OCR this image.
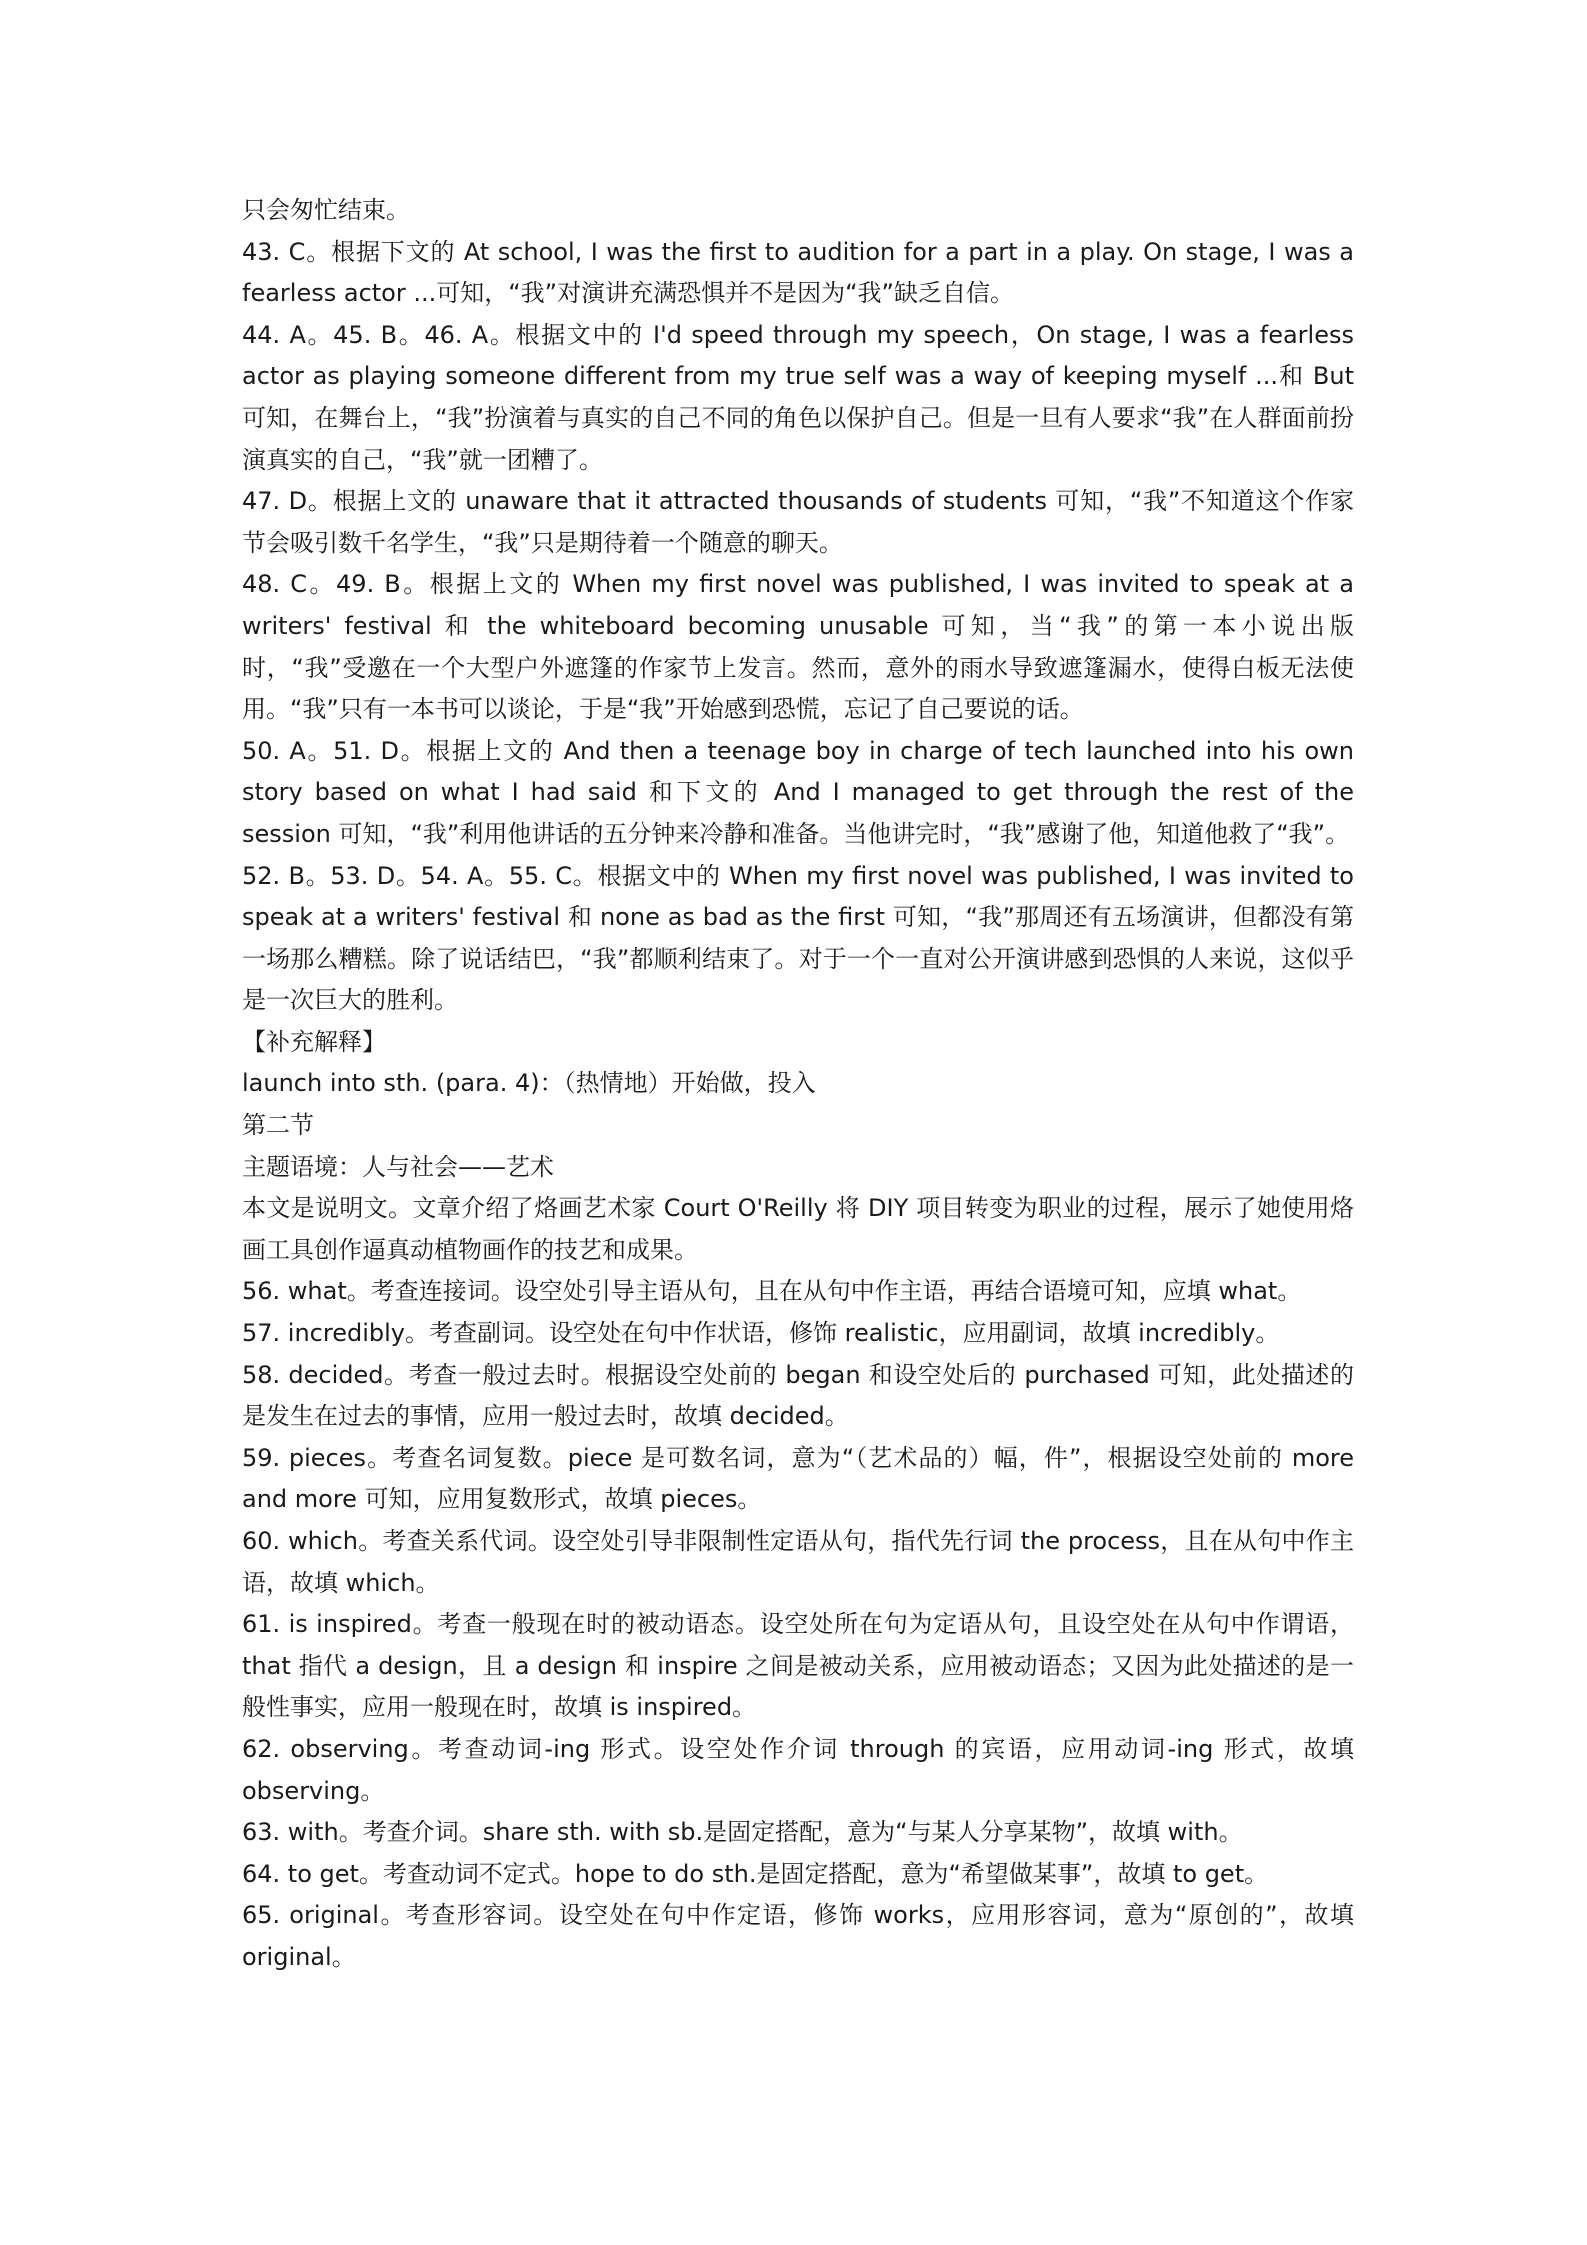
只会匆忙结束。

43. C。根据下文的 At school, I was the first to audition for a part in a play. On stage, I was a fearless actor ...可知，“我”对演讲充满恐惧并不是因为“我”缺乏自信。

44. A。45. B。46. A。根据文中的 I'd speed through my speech，On stage, I was a fearless actor as playing someone different from my true self was a way of keeping myself ...和 But 可知，在舞台上，“我”扮演着与真实的自己不同的角色以保护自己。但是一旦有人要求“我”在人群面前扮演真实的自己，“我”就一团糟了。

47. D。根据上文的 unaware that it attracted thousands of students 可知，“我”不知道这个作家节会吸引数千名学生，“我”只是期待着一个随意的聊天。

48. C。49. B。根据上文的 When my first novel was published, I was invited to speak at a writers' festival 和 the whiteboard becoming unusable 可知，当“我”的第一本小说出版时，“我”受邀在一个大型户外遮篷的作家节上发言。然而，意外的雨水导致遮篷漏水，使得白板无法使用。“我”只有一本书可以谈论，于是“我”开始感到恐慌，忘记了自己要说的话。

50. A。51. D。根据上文的 And then a teenage boy in charge of tech launched into his own story based on what I had said 和下文的 And I managed to get through the rest of the session 可知，“我”利用他讲话的五分钟来冷静和准备。当他讲完时，“我”感谢了他，知道他救了“我”。

52. B。53. D。54. A。55. C。根据文中的 When my first novel was published, I was invited to speak at a writers' festival 和 none as bad as the first 可知，“我”那周还有五场演讲，但都没有第一场那么糟糕。除了说话结巴，“我”都顺利结束了。对于一个一直对公开演讲感到恐惧的人来说，这似乎是一次巨大的胜利。

【补充解释】

launch into sth. (para. 4)：（热情地）开始做，投入

第二节

主题语境：人与社会——艺术

本文是说明文。文章介绍了烙画艺术家 Court O'Reilly 将 DIY 项目转变为职业的过程，展示了她使用烙画工具创作逼真动植物画作的技艺和成果。

56. what。考查连接词。设空处引导主语从句，且在从句中作主语，再结合语境可知，应填 what。

57. incredibly。考查副词。设空处在句中作状语，修饰 realistic，应用副词，故填 incredibly。

58. decided。考查一般过去时。根据设空处前的 began 和设空处后的 purchased 可知，此处描述的是发生在过去的事情，应用一般过去时，故填 decided。

59. pieces。考查名词复数。piece 是可数名词，意为“（艺术品的）幅，件”，根据设空处前的 more and more 可知，应用复数形式，故填 pieces。

60. which。考查关系代词。设空处引导非限制性定语从句，指代先行词 the process，且在从句中作主语，故填 which。

61. is inspired。考查一般现在时的被动语态。设空处所在句为定语从句，且设空处在从句中作谓语，that 指代 a design，且 a design 和 inspire 之间是被动关系，应用被动语态；又因为此处描述的是一般性事实，应用一般现在时，故填 is inspired。

62. observing。考查动词-ing 形式。设空处作介词 through 的宾语，应用动词-ing 形式，故填 observing。

63. with。考查介词。share sth. with sb.是固定搭配，意为“与某人分享某物”，故填 with。

64. to get。考查动词不定式。hope to do sth.是固定搭配，意为“希望做某事”，故填 to get。

65. original。考查形容词。设空处在句中作定语，修饰 works，应用形容词，意为“原创的”，故填 original。
